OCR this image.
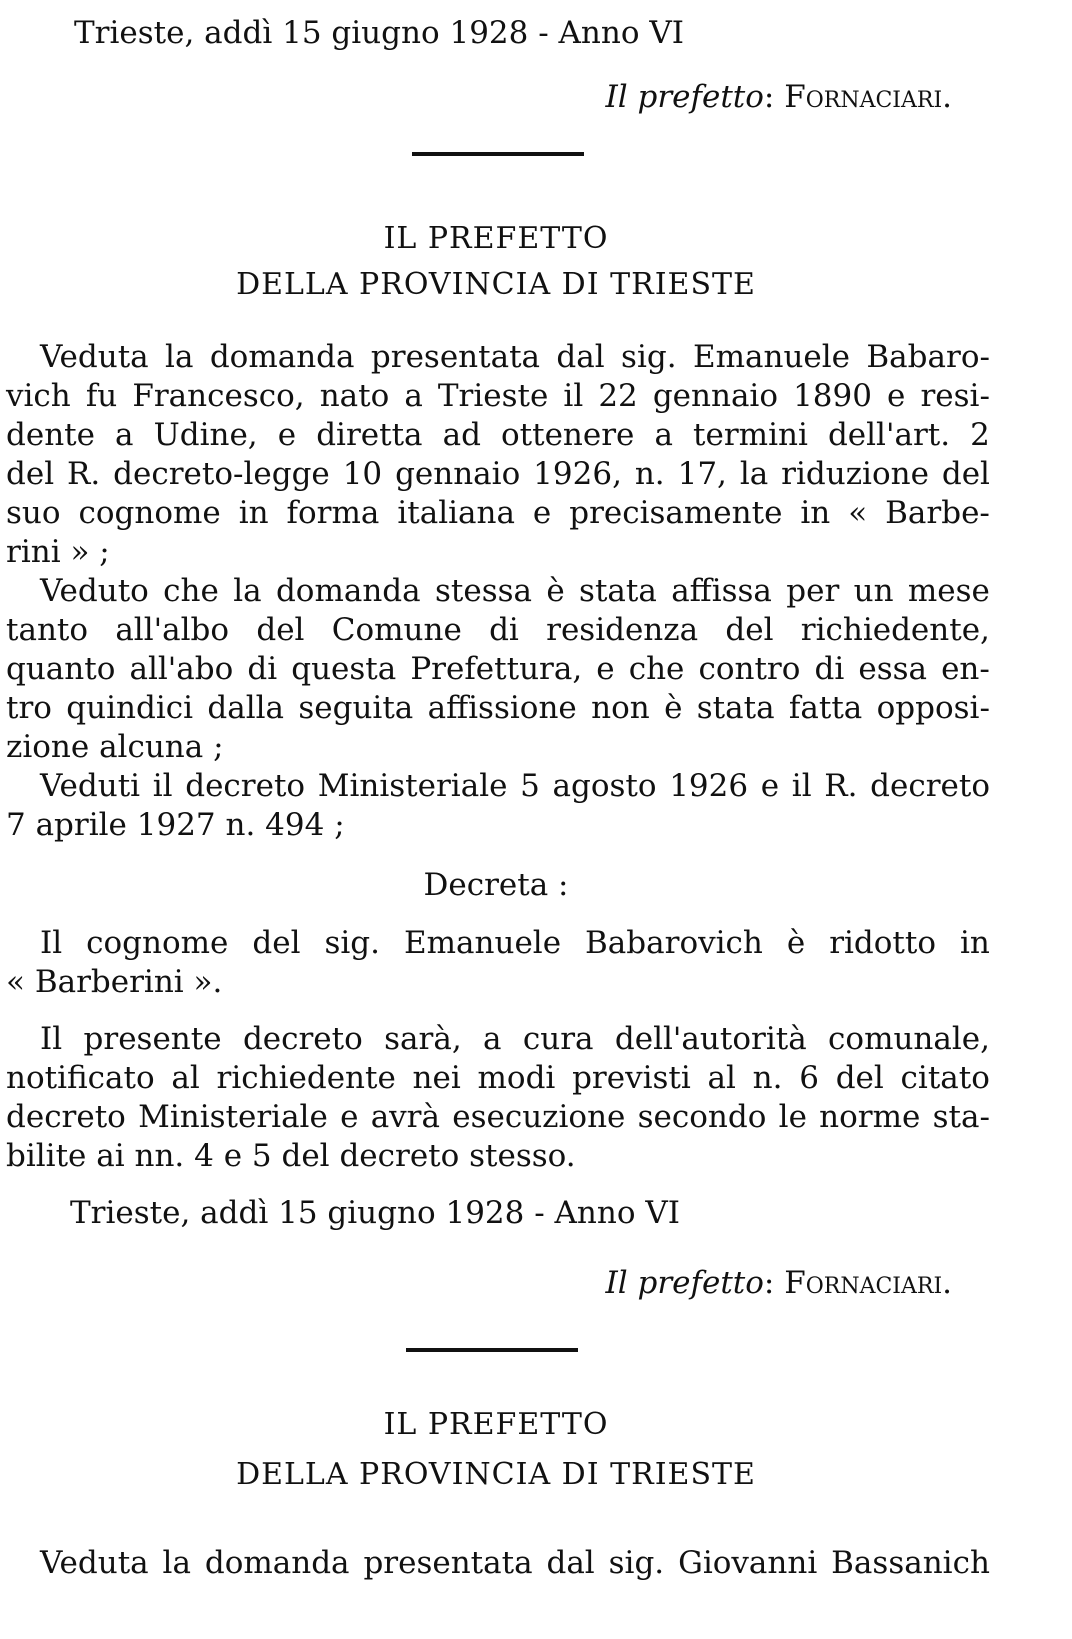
Trieste, addì 15 giugno 1928 - Anno VI
Il prefetto: Fornaciari.
IL PREFETTO
DELLA PROVINCIA DI TRIESTE
Veduta la domanda presentata dal sig. Emanuele Babaro-
vich fu Francesco, nato a Trieste il 22 gennaio 1890 e resi-
dente a Udine, e diretta ad ottenere a termini dell'art. 2
del R. decreto-legge 10 gennaio 1926, n. 17, la riduzione del
suo cognome in forma italiana e precisamente in « Barbe-
rini » ;
Veduto che la domanda stessa è stata affissa per un mese
tanto all'albo del Comune di residenza del richiedente,
quanto all'abo di questa Prefettura, e che contro di essa en-
tro quindici dalla seguita affissione non è stata fatta opposi-
zione alcuna ;
Veduti il decreto Ministeriale 5 agosto 1926 e il R. decreto
7 aprile 1927 n. 494 ;
Decreta :
Il cognome del sig. Emanuele Babarovich è ridotto in
« Barberini ».
Il presente decreto sarà, a cura dell'autorità comunale,
notificato al richiedente nei modi previsti al n. 6 del citato
decreto Ministeriale e avrà esecuzione secondo le norme sta-
bilite ai nn. 4 e 5 del decreto stesso.
Trieste, addì 15 giugno 1928 - Anno VI
Il prefetto: Fornaciari.
IL PREFETTO
DELLA PROVINCIA DI TRIESTE
Veduta la domanda presentata dal sig. Giovanni Bassanich
